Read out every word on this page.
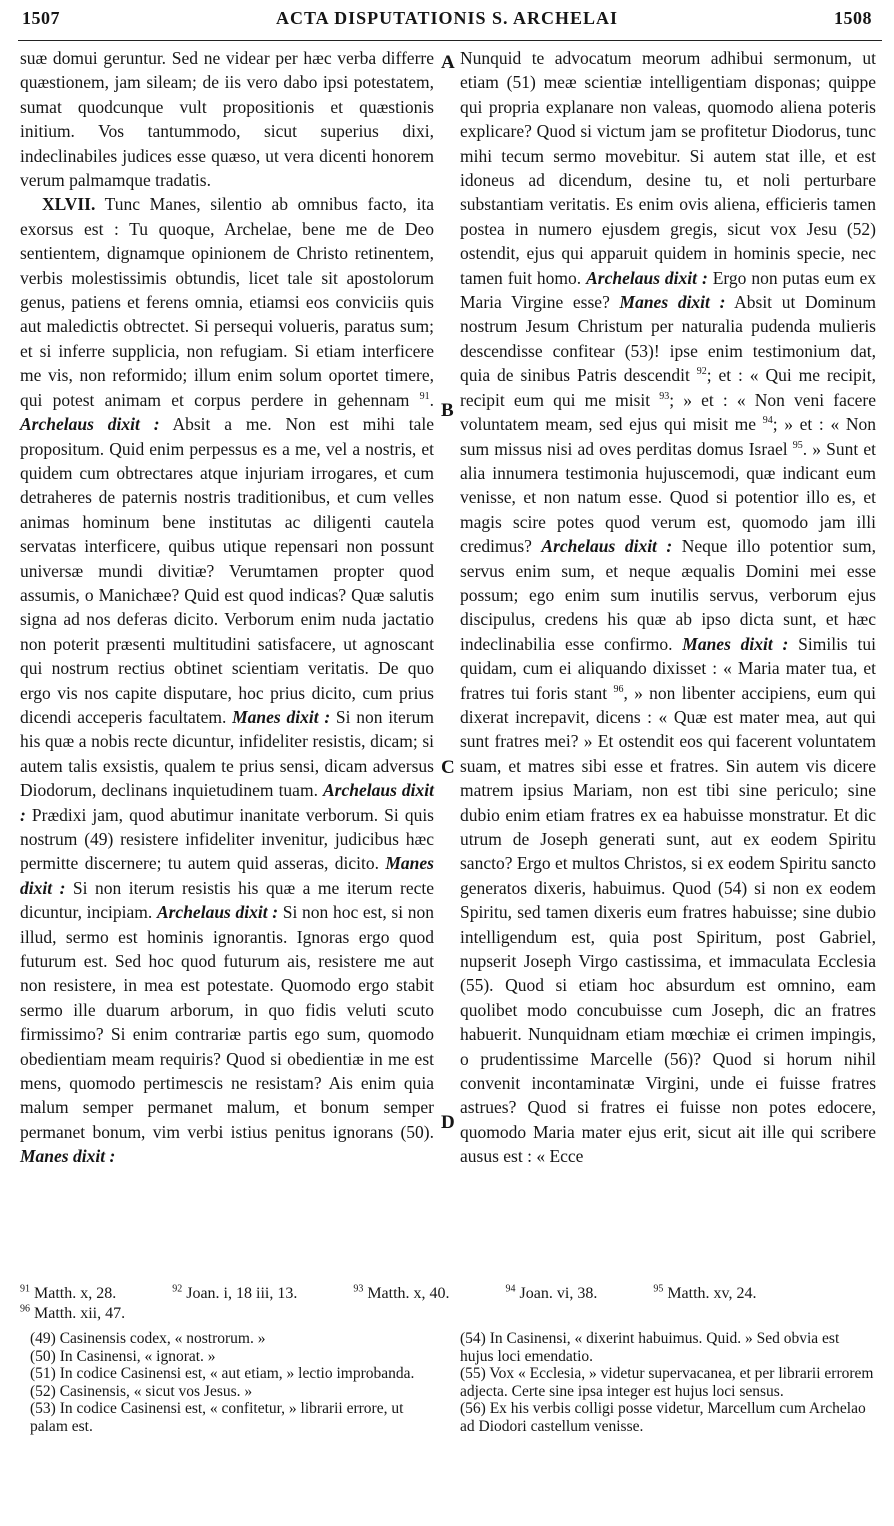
1507	ACTA DISPUTATIONIS S. ARCHELAI	1508
A
B
C
D

suæ domui geruntur. Sed ne videar per hæc verba differre quæstionem, jam sileam; de iis vero dabo ipsi potestatem, sumat quodcunque vult propositionis et quæstionis initium. Vos tantummodo, sicut superius dixi, indeclinabiles judices esse quæso, ut vera dicenti honorem verum palmamque tradatis.

XLVII. Tunc Manes, silentio ab omnibus facto, ita exorsus est : Tu quoque, Archelae, bene me de Deo sentientem, dignamque opinionem de Christo retinentem, verbis molestissimis obtundis, licet tale sit apostolorum genus, patiens et ferens omnia, etiamsi eos conviciis quis aut maledictis obtrectet. Si persequi volueris, paratus sum; et si inferre supplicia, non refugiam. Si etiam interficere me vis, non reformido; illum enim solum oportet timere, qui potest animam et corpus perdere in gehennam $^{91}$. Archelaus dixit : Absit a me. Non est mihi tale propositum. Quid enim perpessus es a me, vel a nostris, et quidem cum obtrectares atque injuriam irrogares, et cum detraheres de paternis nostris traditionibus, et cum velles animas hominum bene institutas ac diligenti cautela servatas interficere, quibus utique repensari non possunt universæ mundi divitiæ? Verumtamen propter quod assumis, o Manichæe? Quid est quod indicas? Quæ salutis signa ad nos deferas dicito. Verborum enim nuda jactatio non poterit præsenti multitudini satisfacere, ut agnoscant qui nostrum rectius obtinet scientiam veritatis. De quo ergo vis nos capite disputare, hoc prius dicito, cum prius dicendi acceperis facultatem. Manes dixit : Si non iterum his quæ a nobis recte dicuntur, infideliter resistis, dicam; si autem talis exsistis, qualem te prius sensi, dicam adversus Diodorum, declinans inquietudinem tuam. Archelaus dixit : Prædixi jam, quod abutimur inanitate verborum. Si quis nostrum (49) resistere infideliter invenitur, judicibus hæc permitte discernere; tu autem quid asseras, dicito. Manes dixit : Si non iterum resistis his quæ a me iterum recte dicuntur, incipiam. Archelaus dixit : Si non hoc est, si non illud, sermo est hominis ignorantis. Ignoras ergo quod futurum est. Sed hoc quod futurum ais, resistere me aut non resistere, in mea est potestate. Quomodo ergo stabit sermo ille duarum arborum, in quo fidis veluti scuto firmissimo? Si enim contrariæ partis ego sum, quomodo obedientiam meam requiris? Quod si obedientiæ in me est mens, quomodo pertimescis ne resistam? Ais enim quia malum semper permanet malum, et bonum semper permanet bonum, vim verbi istius penitus ignorans (50). Manes dixit :

Nunquid te advocatum meorum adhibui sermonum, ut etiam (51) meæ scientiæ intelligentiam disponas; quippe qui propria explanare non valeas, quomodo aliena poteris explicare? Quod si victum jam se profitetur Diodorus, tunc mihi tecum sermo movebitur. Si autem stat ille, et est idoneus ad dicendum, desine tu, et noli perturbare substantiam veritatis. Es enim ovis aliena, efficieris tamen postea in numero ejusdem gregis, sicut vox Jesu (52) ostendit, ejus qui apparuit quidem in hominis specie, nec tamen fuit homo. Archelaus dixit : Ergo non putas eum ex Maria Virgine esse? Manes dixit : Absit ut Dominum nostrum Jesum Christum per naturalia pudenda mulieris descendisse confitear (53)! ipse enim testimonium dat, quia de sinibus Patris descendit $^{92}$; et : « Qui me recipit, recipit eum qui me misit $^{93}$; » et : « Non veni facere voluntatem meam, sed ejus qui misit me $^{94}$; » et : « Non sum missus nisi ad oves perditas domus Israel $^{95}$. » Sunt et alia innumera testimonia hujuscemodi, quæ indicant eum venisse, et non natum esse. Quod si potentior illo es, et magis scire potes quod verum est, quomodo jam illi credimus? Archelaus dixit : Neque illo potentior sum, servus enim sum, et neque æqualis Domini mei esse possum; ego enim sum inutilis servus, verborum ejus discipulus, credens his quæ ab ipso dicta sunt, et hæc indeclinabilia esse confirmo. Manes dixit : Similis tui quidam, cum ei aliquando dixisset : « Maria mater tua, et fratres tui foris stant $^{96}$, » non libenter accipiens, eum qui dixerat increpavit, dicens : « Quæ est mater mea, aut qui sunt fratres mei? » Et ostendit eos qui facerent voluntatem suam, et matres sibi esse et fratres. Sin autem vis dicere matrem ipsius Mariam, non est tibi sine periculo; sine dubio enim etiam fratres ex ea habuisse monstratur. Et dic utrum de Joseph generati sunt, aut ex eodem Spiritu sancto? Ergo et multos Christos, si ex eodem Spiritu sancto generatos dixeris, habuimus. Quod (54) si non ex eodem Spiritu, sed tamen dixeris eum fratres habuisse; sine dubio intelligendum est, quia post Spiritum, post Gabriel, nupserit Joseph Virgo castissima, et immaculata Ecclesia (55). Quod si etiam hoc absurdum est omnino, eam quolibet modo concubuisse cum Joseph, dic an fratres habuerit. Nunquidnam etiam mœchiæ ei crimen impingis, o prudentissime Marcelle (56)? Quod si horum nihil convenit incontaminatæ Virgini, unde ei fuisse fratres astrues? Quod si fratres ei fuisse non potes edocere, quomodo Maria mater ejus erit, sicut ait ille qui scribere ausus est : « Ecce

$^{91}$ Matth. x, 28.	$^{92}$ Joan. i, 18 iii, 13.	$^{93}$ Matth. x, 40.	$^{94}$ Joan. vi, 38.	$^{95}$ Matth. xv, 24.
$^{96}$ Matth. xii, 47.

(49) Casinensis codex, « nostrorum. »

(50) In Casinensi, « ignorat. »

(51) In codice Casinensi est, « aut etiam, » lectio improbanda.

(52) Casinensis, « sicut vos Jesus. »

(53) In codice Casinensi est, « confitetur, » librarii errore, ut palam est.

(54) In Casinensi, « dixerint habuimus. Quid. » Sed obvia est hujus loci emendatio.

(55) Vox « Ecclesia, » videtur supervacanea, et per librarii errorem adjecta. Certe sine ipsa integer est hujus loci sensus.

(56) Ex his verbis colligi posse videtur, Marcellum cum Archelao ad Diodori castellum venisse.
